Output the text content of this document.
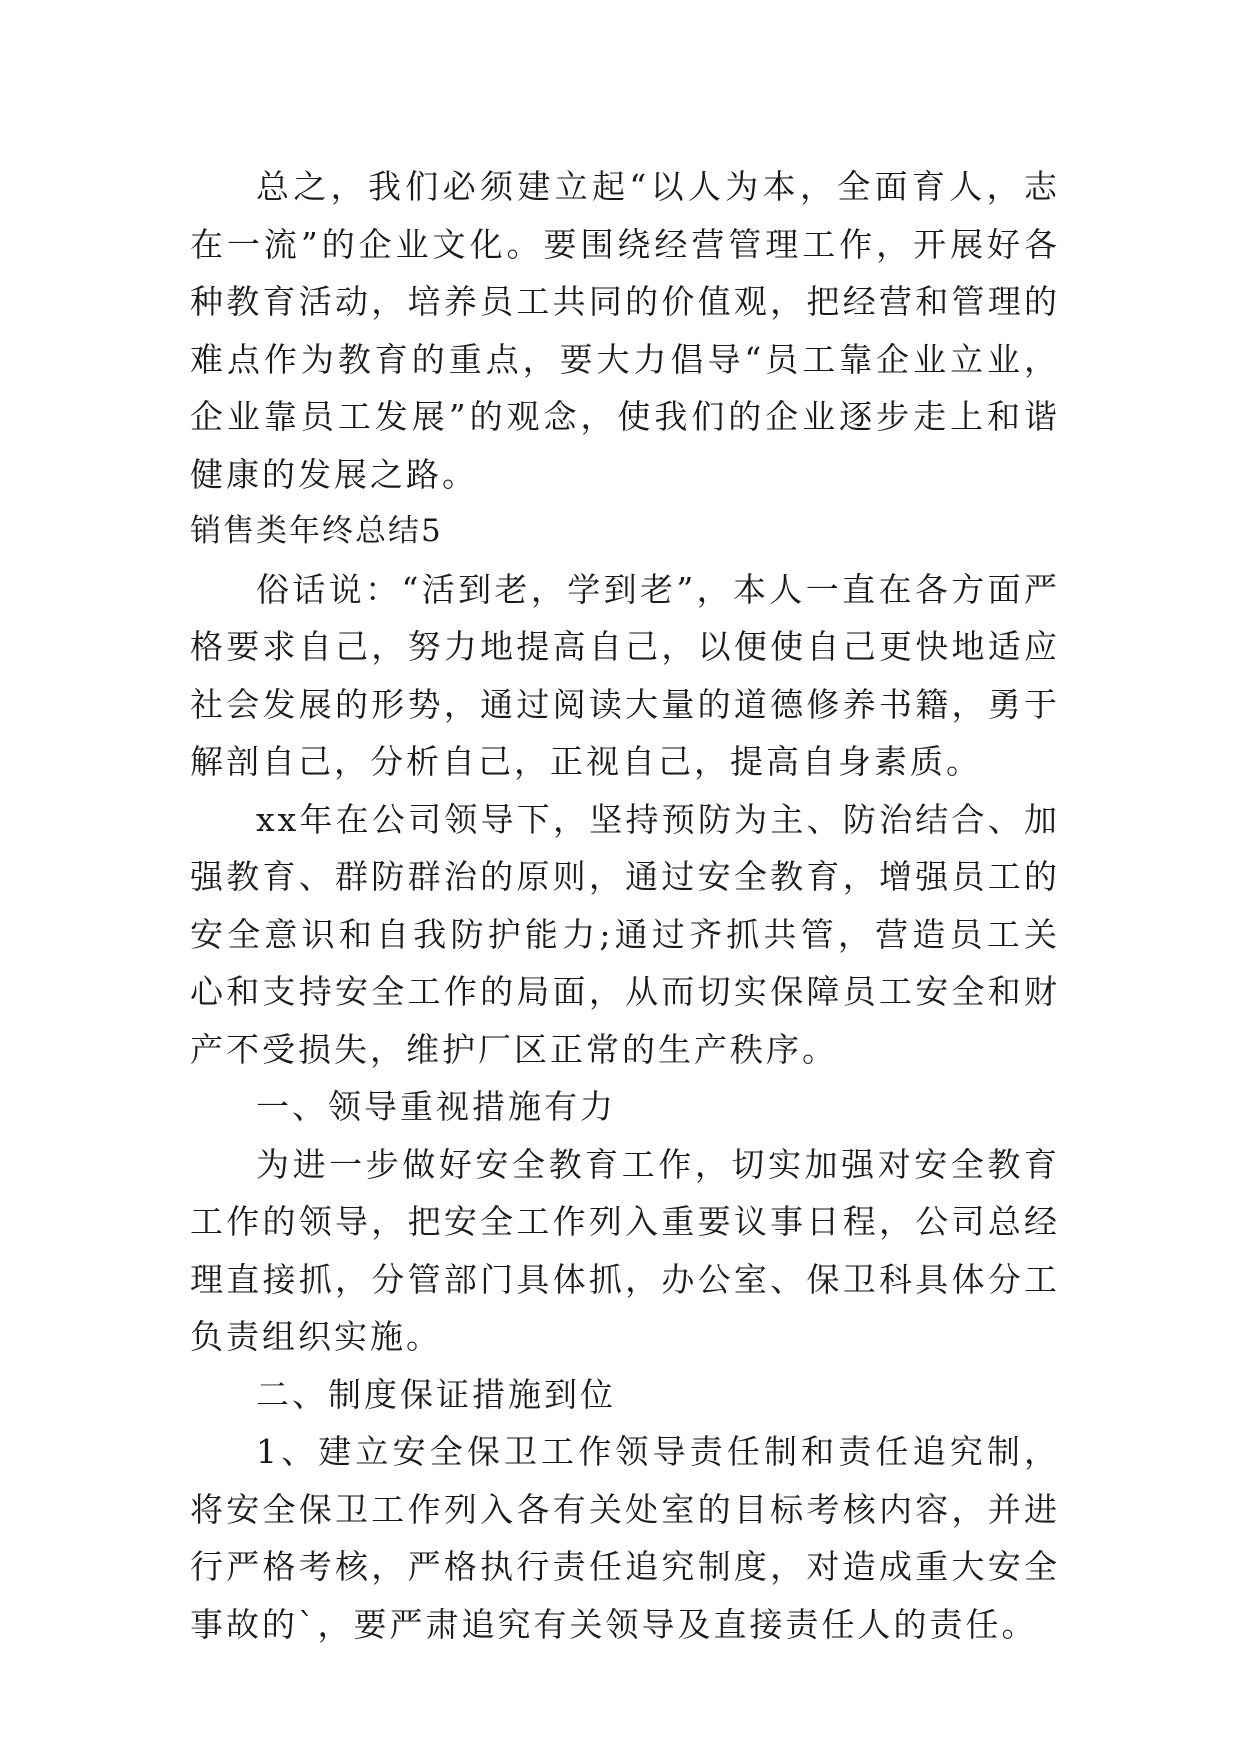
总之，我们必须建立起“以人为本，全面育人，志在一流”的企业文化。要围绕经营管理工作，开展好各种教育活动，培养员工共同的价值观，把经营和管理的难点作为教育的重点，要大力倡导“员工靠企业立业，企业靠员工发展”的观念，使我们的企业逐步走上和谐健康的发展之路。

销售类年终总结5

俗话说：“活到老，学到老”，本人一直在各方面严格要求自己，努力地提高自己，以便使自己更快地适应社会发展的形势，通过阅读大量的道德修养书籍，勇于解剖自己，分析自己，正视自己，提高自身素质。

xx年在公司领导下，坚持预防为主、防治结合、加强教育、群防群治的原则，通过安全教育，增强员工的安全意识和自我防护能力;通过齐抓共管，营造员工关心和支持安全工作的局面，从而切实保障员工安全和财产不受损失，维护厂区正常的生产秩序。

一、领导重视措施有力

为进一步做好安全教育工作，切实加强对安全教育工作的领导，把安全工作列入重要议事日程，公司总经理直接抓，分管部门具体抓，办公室、保卫科具体分工负责组织实施。

二、制度保证措施到位

1、建立安全保卫工作领导责任制和责任追究制，将安全保卫工作列入各有关处室的目标考核内容，并进行严格考核，严格执行责任追究制度，对造成重大安全事故的`，要严肃追究有关领导及直接责任人的责任。
